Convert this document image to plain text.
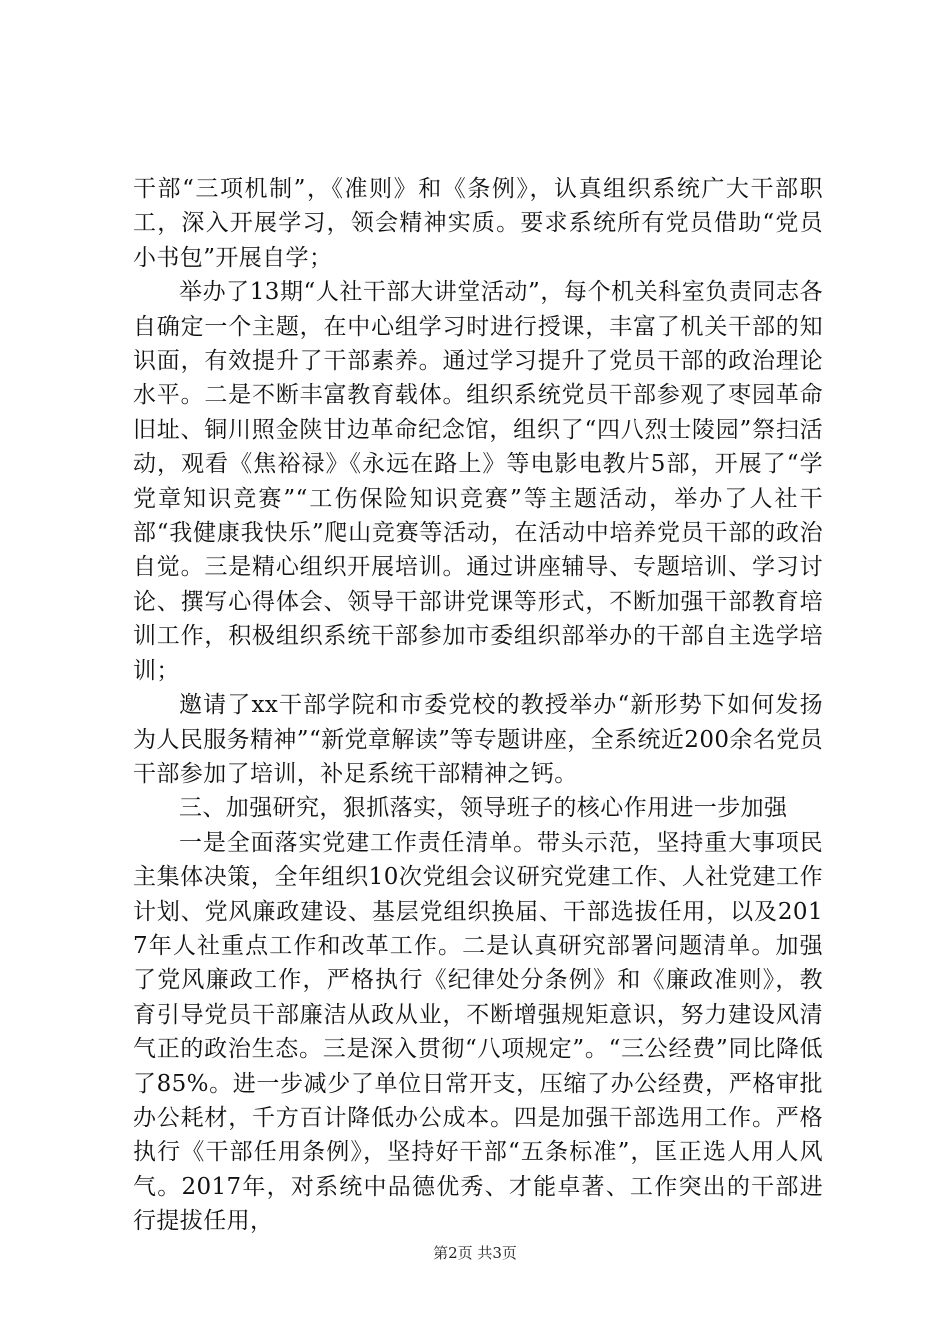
干部“三项机制”，《准则》和《条例》，认真组织系统广大干部职工，深入开展学习，领会精神实质。要求系统所有党员借助“党员小书包”开展自学；

举办了13期“人社干部大讲堂活动”，每个机关科室负责同志各自确定一个主题，在中心组学习时进行授课，丰富了机关干部的知识面，有效提升了干部素养。通过学习提升了党员干部的政治理论水平。二是不断丰富教育载体。组织系统党员干部参观了枣园革命旧址、铜川照金陕甘边革命纪念馆，组织了“四八烈士陵园”祭扫活动，观看《焦裕禄》《永远在路上》等电影电教片5部，开展了“学党章知识竞赛”“工伤保险知识竞赛”等主题活动，举办了人社干部“我健康我快乐”爬山竞赛等活动，在活动中培养党员干部的政治自觉。三是精心组织开展培训。通过讲座辅导、专题培训、学习讨论、撰写心得体会、领导干部讲党课等形式，不断加强干部教育培训工作，积极组织系统干部参加市委组织部举办的干部自主选学培训；

邀请了xx干部学院和市委党校的教授举办“新形势下如何发扬为人民服务精神”“新党章解读”等专题讲座，全系统近200余名党员干部参加了培训，补足系统干部精神之钙。

三、加强研究，狠抓落实，领导班子的核心作用进一步加强

一是全面落实党建工作责任清单。带头示范，坚持重大事项民主集体决策，全年组织10次党组会议研究党建工作、人社党建工作计划、党风廉政建设、基层党组织换届、干部选拔任用，以及2017年人社重点工作和改革工作。二是认真研究部署问题清单。加强了党风廉政工作，严格执行《纪律处分条例》和《廉政准则》，教育引导党员干部廉洁从政从业，不断增强规矩意识，努力建设风清气正的政治生态。三是深入贯彻“八项规定”。“三公经费”同比降低了85%。进一步减少了单位日常开支，压缩了办公经费，严格审批办公耗材，千方百计降低办公成本。四是加强干部选用工作。严格执行《干部任用条例》，坚持好干部“五条标准”，匡正选人用人风气。2017年，对系统中品德优秀、才能卓著、工作突出的干部进行提拔任用，

第2页 共3页
